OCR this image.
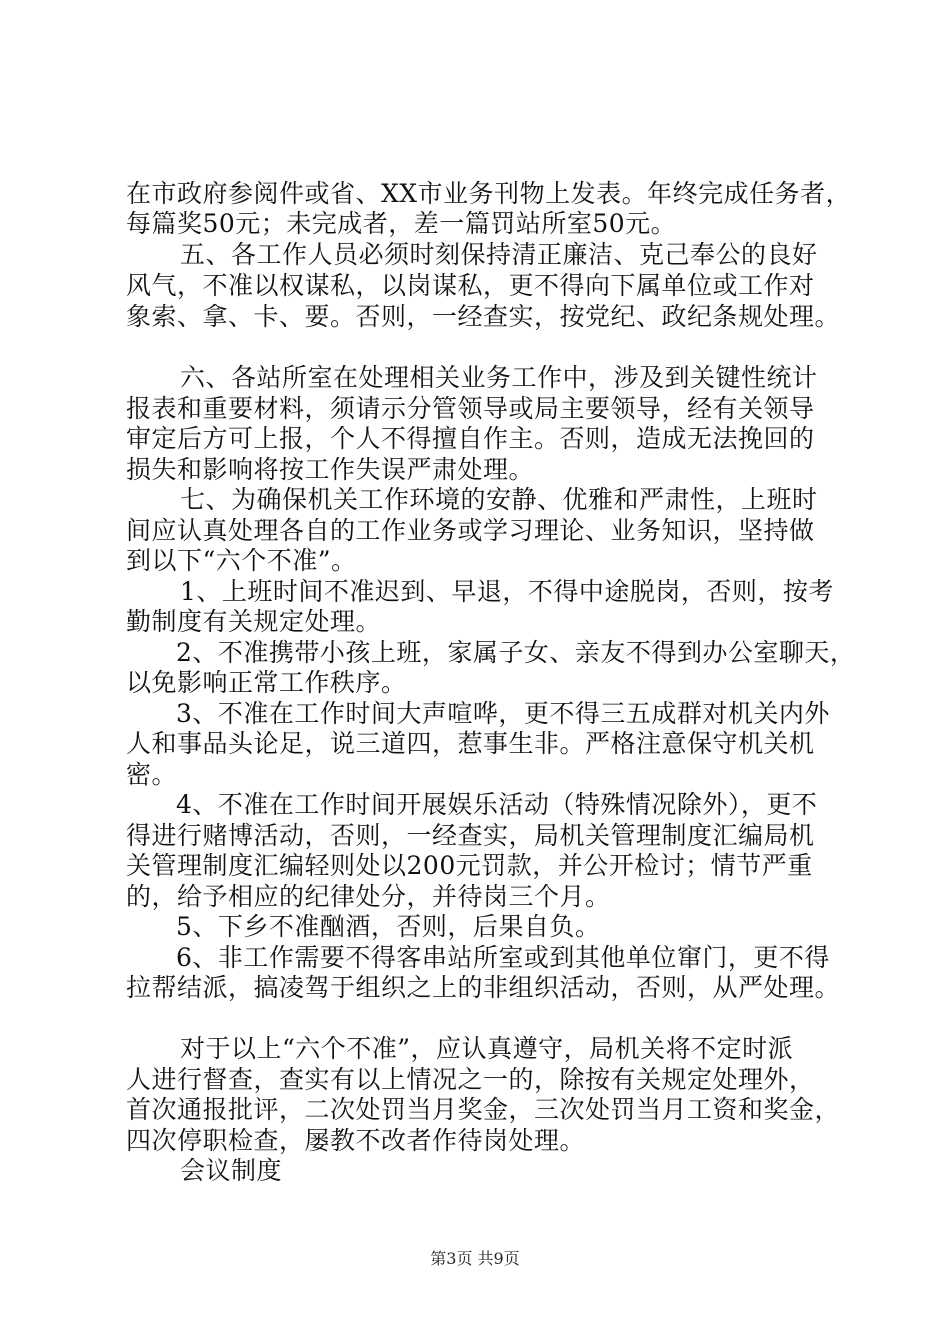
在市政府参阅件或省、XX市业务刊物上发表。年终完成任务者，
每篇奖50元；未完成者，差一篇罚站所室50元。
五、各工作人员必须时刻保持清正廉洁、克己奉公的良好
风气，不准以权谋私，以岗谋私，更不得向下属单位或工作对
象索、拿、卡、要。否则，一经查实，按党纪、政纪条规处理。
六、各站所室在处理相关业务工作中，涉及到关键性统计
报表和重要材料，须请示分管领导或局主要领导，经有关领导
审定后方可上报，个人不得擅自作主。否则，造成无法挽回的
损失和影响将按工作失误严肃处理。
七、为确保机关工作环境的安静、优雅和严肃性，上班时
间应认真处理各自的工作业务或学习理论、业务知识，坚持做
到以下“六个不准”。
1、上班时间不准迟到、早退，不得中途脱岗，否则，按考
勤制度有关规定处理。
2、不准携带小孩上班，家属子女、亲友不得到办公室聊天，
以免影响正常工作秩序。
3、不准在工作时间大声喧哗，更不得三五成群对机关内外
人和事品头论足，说三道四，惹事生非。严格注意保守机关机
密。
4、不准在工作时间开展娱乐活动（特殊情况除外），更不
得进行赌博活动，否则，一经查实，局机关管理制度汇编局机
关管理制度汇编轻则处以200元罚款，并公开检讨；情节严重
的，给予相应的纪律处分，并待岗三个月。
5、下乡不准酗酒，否则，后果自负。
6、非工作需要不得客串站所室或到其他单位窜门，更不得
拉帮结派，搞凌驾于组织之上的非组织活动，否则，从严处理。
对于以上“六个不准”，应认真遵守，局机关将不定时派
人进行督查，查实有以上情况之一的，除按有关规定处理外，
首次通报批评，二次处罚当月奖金，三次处罚当月工资和奖金，
四次停职检查，屡教不改者作待岗处理。
会议制度
第3页 共9页
